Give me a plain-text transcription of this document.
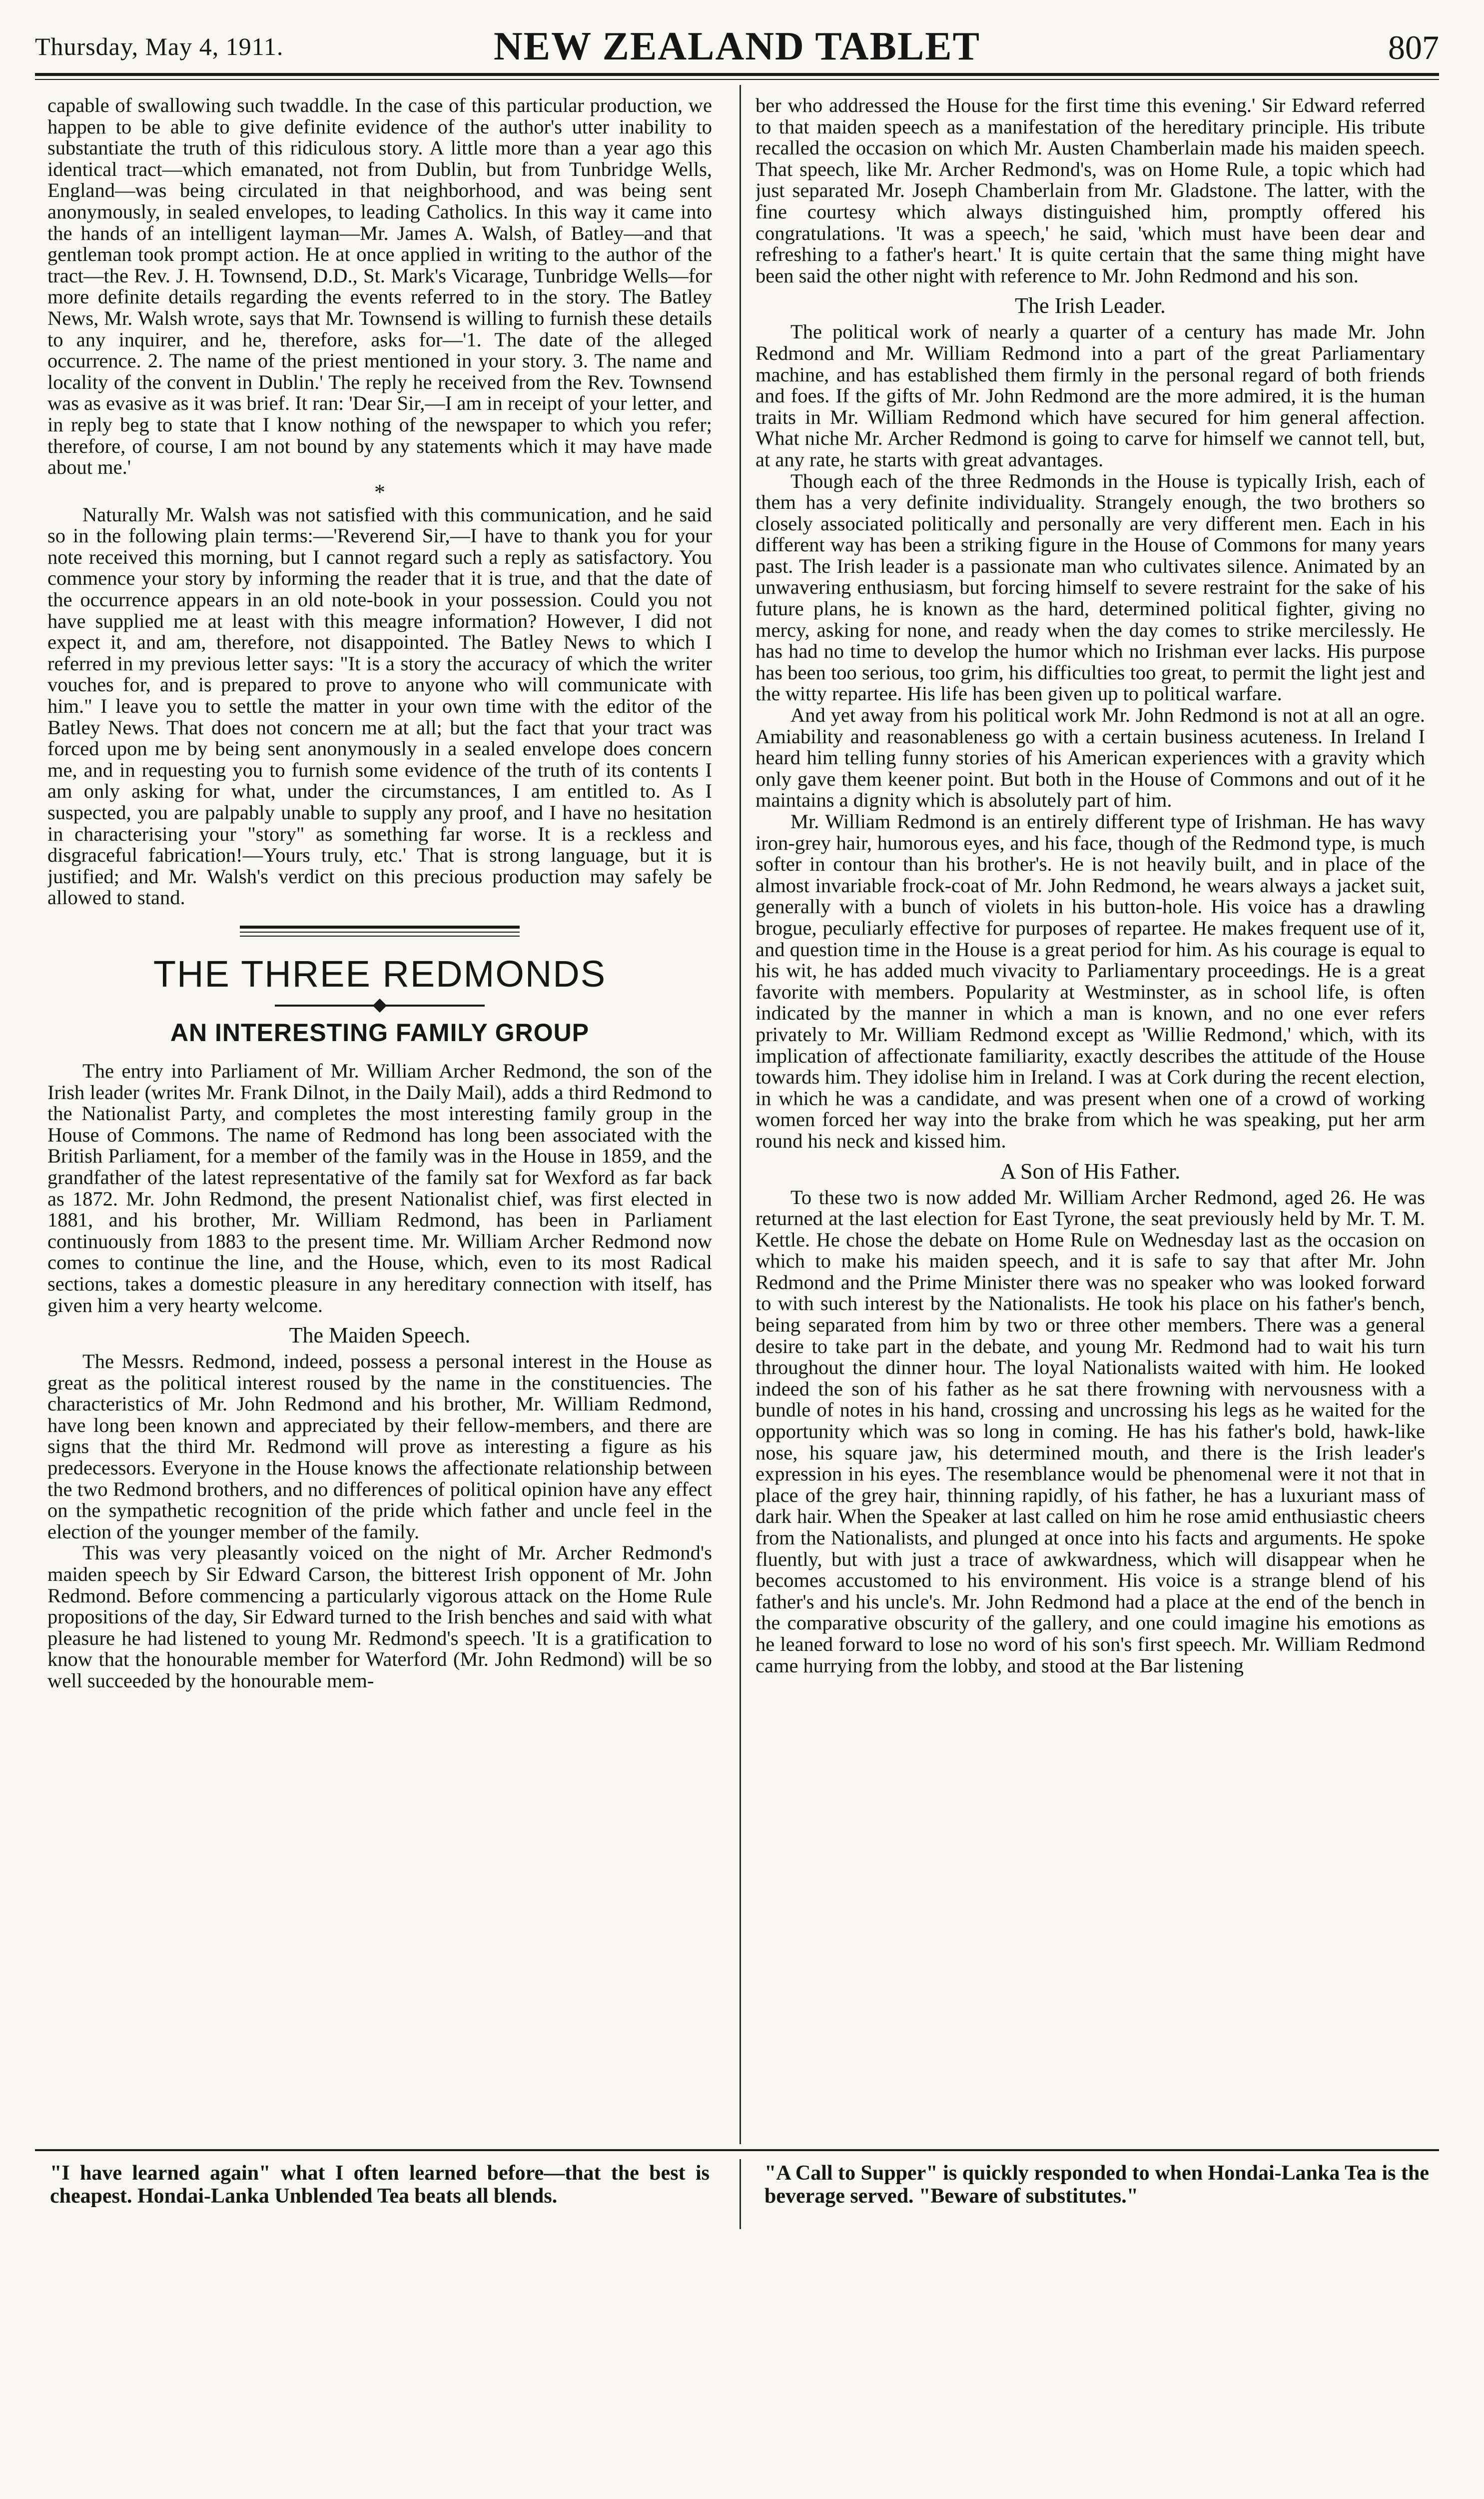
Thursday, May 4, 1911.	NEW ZEALAND TABLET	807

capable of swallowing such twaddle. In the case of this particular production, we happen to be able to give definite evidence of the author's utter inability to substantiate the truth of this ridiculous story. A little more than a year ago this identical tract—which emanated, not from Dublin, but from Tunbridge Wells, England—was being circulated in that neighborhood, and was being sent anonymously, in sealed envelopes, to leading Catholics. In this way it came into the hands of an intelligent layman—Mr. James A. Walsh, of Batley—and that gentleman took prompt action. He at once applied in writing to the author of the tract—the Rev. J. H. Townsend, D.D., St. Mark's Vicarage, Tunbridge Wells—for more definite details regarding the events referred to in the story. The Batley News, Mr. Walsh wrote, says that Mr. Townsend is willing to furnish these details to any inquirer, and he, therefore, asks for—'1. The date of the alleged occurrence. 2. The name of the priest mentioned in your story. 3. The name and locality of the convent in Dublin.' The reply he received from the Rev. Townsend was as evasive as it was brief. It ran: 'Dear Sir,—I am in receipt of your letter, and in reply beg to state that I know nothing of the newspaper to which you refer; therefore, of course, I am not bound by any statements which it may have made about me.'

*

Naturally Mr. Walsh was not satisfied with this communication, and he said so in the following plain terms:—'Reverend Sir,—I have to thank you for your note received this morning, but I cannot regard such a reply as satisfactory. You commence your story by informing the reader that it is true, and that the date of the occurrence appears in an old note-book in your possession. Could you not have supplied me at least with this meagre information? However, I did not expect it, and am, therefore, not disappointed. The Batley News to which I referred in my previous letter says: "It is a story the accuracy of which the writer vouches for, and is prepared to prove to anyone who will communicate with him." I leave you to settle the matter in your own time with the editor of the Batley News. That does not concern me at all; but the fact that your tract was forced upon me by being sent anonymously in a sealed envelope does concern me, and in requesting you to furnish some evidence of the truth of its contents I am only asking for what, under the circumstances, I am entitled to. As I suspected, you are palpably unable to supply any proof, and I have no hesitation in characterising your "story" as something far worse. It is a reckless and disgraceful fabrication!—Yours truly, etc.' That is strong language, but it is justified; and Mr. Walsh's verdict on this precious production may safely be allowed to stand.

THE THREE REDMONDS
AN INTERESTING FAMILY GROUP

The entry into Parliament of Mr. William Archer Redmond, the son of the Irish leader (writes Mr. Frank Dilnot, in the Daily Mail), adds a third Redmond to the Nationalist Party, and completes the most interesting family group in the House of Commons. The name of Redmond has long been associated with the British Parliament, for a member of the family was in the House in 1859, and the grandfather of the latest representative of the family sat for Wexford as far back as 1872. Mr. John Redmond, the present Nationalist chief, was first elected in 1881, and his brother, Mr. William Redmond, has been in Parliament continuously from 1883 to the present time. Mr. William Archer Redmond now comes to continue the line, and the House, which, even to its most Radical sections, takes a domestic pleasure in any hereditary connection with itself, has given him a very hearty welcome.

The Maiden Speech.

The Messrs. Redmond, indeed, possess a personal interest in the House as great as the political interest roused by the name in the constituencies. The characteristics of Mr. John Redmond and his brother, Mr. William Redmond, have long been known and appreciated by their fellow-members, and there are signs that the third Mr. Redmond will prove as interesting a figure as his predecessors. Everyone in the House knows the affectionate relationship between the two Redmond brothers, and no differences of political opinion have any effect on the sympathetic recognition of the pride which father and uncle feel in the election of the younger member of the family.

This was very pleasantly voiced on the night of Mr. Archer Redmond's maiden speech by Sir Edward Carson, the bitterest Irish opponent of Mr. John Redmond. Before commencing a particularly vigorous attack on the Home Rule propositions of the day, Sir Edward turned to the Irish benches and said with what pleasure he had listened to young Mr. Redmond's speech. 'It is a gratification to know that the honourable member for Waterford (Mr. John Redmond) will be so well succeeded by the honourable mem-

ber who addressed the House for the first time this evening.' Sir Edward referred to that maiden speech as a manifestation of the hereditary principle. His tribute recalled the occasion on which Mr. Austen Chamberlain made his maiden speech. That speech, like Mr. Archer Redmond's, was on Home Rule, a topic which had just separated Mr. Joseph Chamberlain from Mr. Gladstone. The latter, with the fine courtesy which always distinguished him, promptly offered his congratulations. 'It was a speech,' he said, 'which must have been dear and refreshing to a father's heart.' It is quite certain that the same thing might have been said the other night with reference to Mr. John Redmond and his son.

The Irish Leader.

The political work of nearly a quarter of a century has made Mr. John Redmond and Mr. William Redmond into a part of the great Parliamentary machine, and has established them firmly in the personal regard of both friends and foes. If the gifts of Mr. John Redmond are the more admired, it is the human traits in Mr. William Redmond which have secured for him general affection. What niche Mr. Archer Redmond is going to carve for himself we cannot tell, but, at any rate, he starts with great advantages.

Though each of the three Redmonds in the House is typically Irish, each of them has a very definite individuality. Strangely enough, the two brothers so closely associated politically and personally are very different men. Each in his different way has been a striking figure in the House of Commons for many years past. The Irish leader is a passionate man who cultivates silence. Animated by an unwavering enthusiasm, but forcing himself to severe restraint for the sake of his future plans, he is known as the hard, determined political fighter, giving no mercy, asking for none, and ready when the day comes to strike mercilessly. He has had no time to develop the humor which no Irishman ever lacks. His purpose has been too serious, too grim, his difficulties too great, to permit the light jest and the witty repartee. His life has been given up to political warfare.

And yet away from his political work Mr. John Redmond is not at all an ogre. Amiability and reasonableness go with a certain business acuteness. In Ireland I heard him telling funny stories of his American experiences with a gravity which only gave them keener point. But both in the House of Commons and out of it he maintains a dignity which is absolutely part of him.

Mr. William Redmond is an entirely different type of Irishman. He has wavy iron-grey hair, humorous eyes, and his face, though of the Redmond type, is much softer in contour than his brother's. He is not heavily built, and in place of the almost invariable frock-coat of Mr. John Redmond, he wears always a jacket suit, generally with a bunch of violets in his button-hole. His voice has a drawling brogue, peculiarly effective for purposes of repartee. He makes frequent use of it, and question time in the House is a great period for him. As his courage is equal to his wit, he has added much vivacity to Parliamentary proceedings. He is a great favorite with members. Popularity at Westminster, as in school life, is often indicated by the manner in which a man is known, and no one ever refers privately to Mr. William Redmond except as 'Willie Redmond,' which, with its implication of affectionate familiarity, exactly describes the attitude of the House towards him. They idolise him in Ireland. I was at Cork during the recent election, in which he was a candidate, and was present when one of a crowd of working women forced her way into the brake from which he was speaking, put her arm round his neck and kissed him.

A Son of His Father.

To these two is now added Mr. William Archer Redmond, aged 26. He was returned at the last election for East Tyrone, the seat previously held by Mr. T. M. Kettle. He chose the debate on Home Rule on Wednesday last as the occasion on which to make his maiden speech, and it is safe to say that after Mr. John Redmond and the Prime Minister there was no speaker who was looked forward to with such interest by the Nationalists. He took his place on his father's bench, being separated from him by two or three other members. There was a general desire to take part in the debate, and young Mr. Redmond had to wait his turn throughout the dinner hour. The loyal Nationalists waited with him. He looked indeed the son of his father as he sat there frowning with nervousness with a bundle of notes in his hand, crossing and uncrossing his legs as he waited for the opportunity which was so long in coming. He has his father's bold, hawk-like nose, his square jaw, his determined mouth, and there is the Irish leader's expression in his eyes. The resemblance would be phenomenal were it not that in place of the grey hair, thinning rapidly, of his father, he has a luxuriant mass of dark hair. When the Speaker at last called on him he rose amid enthusiastic cheers from the Nationalists, and plunged at once into his facts and arguments. He spoke fluently, but with just a trace of awkwardness, which will disappear when he becomes accustomed to his environment. His voice is a strange blend of his father's and his uncle's. Mr. John Redmond had a place at the end of the bench in the comparative obscurity of the gallery, and one could imagine his emotions as he leaned forward to lose no word of his son's first speech. Mr. William Redmond came hurrying from the lobby, and stood at the Bar listening

"I have learned again" what I often learned before—that the best is cheapest. Hondai-Lanka Unblended Tea beats all blends.
"A Call to Supper" is quickly responded to when Hondai-Lanka Tea is the beverage served. "Beware of substitutes."
